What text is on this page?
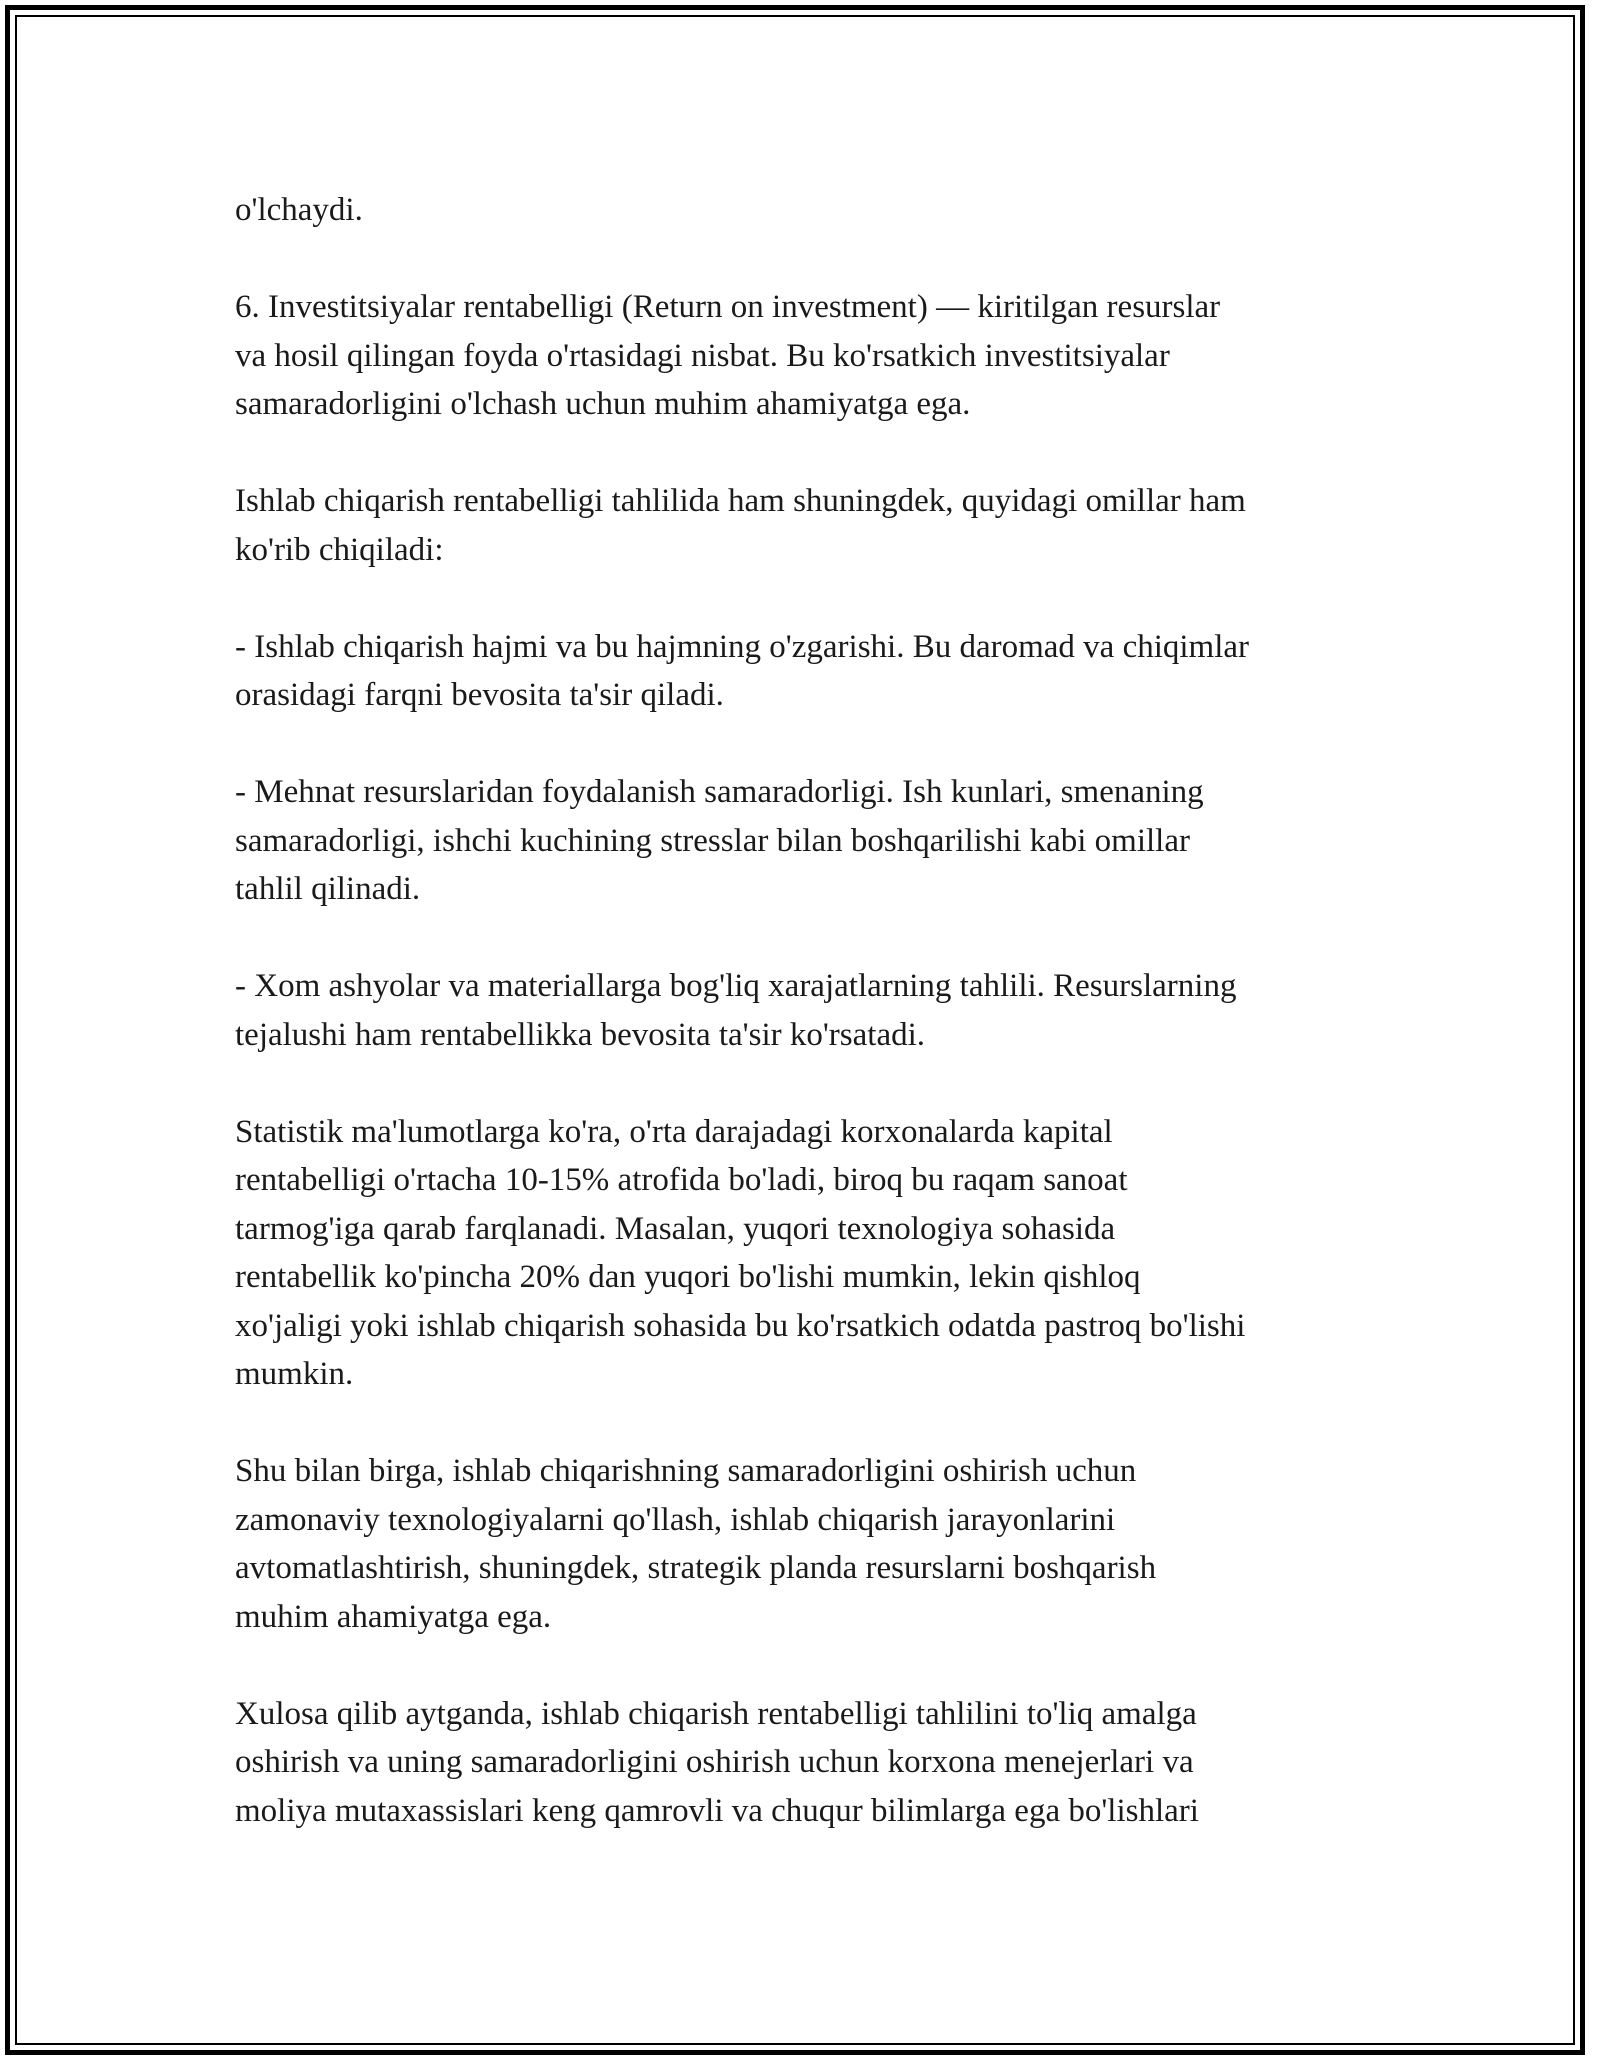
o'lchaydi.

6. Investitsiyalar rentabelligi (Return on investment) — kiritilgan resurslar
va hosil qilingan foyda o'rtasidagi nisbat. Bu ko'rsatkich investitsiyalar
samaradorligini o'lchash uchun muhim ahamiyatga ega.

Ishlab chiqarish rentabelligi tahlilida ham shuningdek, quyidagi omillar ham
ko'rib chiqiladi:

- Ishlab chiqarish hajmi va bu hajmning o'zgarishi. Bu daromad va chiqimlar
orasidagi farqni bevosita ta'sir qiladi.

- Mehnat resurslaridan foydalanish samaradorligi. Ish kunlari, smenaning
samaradorligi, ishchi kuchining stresslar bilan boshqarilishi kabi omillar
tahlil qilinadi.

- Xom ashyolar va materiallarga bog'liq xarajatlarning tahlili. Resurslarning
tejalushi ham rentabellikka bevosita ta'sir ko'rsatadi.

Statistik ma'lumotlarga ko'ra, o'rta darajadagi korxonalarda kapital
rentabelligi o'rtacha 10-15% atrofida bo'ladi, biroq bu raqam sanoat
tarmog'iga qarab farqlanadi. Masalan, yuqori texnologiya sohasida
rentabellik ko'pincha 20% dan yuqori bo'lishi mumkin, lekin qishloq
xo'jaligi yoki ishlab chiqarish sohasida bu ko'rsatkich odatda pastroq bo'lishi
mumkin.

Shu bilan birga, ishlab chiqarishning samaradorligini oshirish uchun
zamonaviy texnologiyalarni qo'llash, ishlab chiqarish jarayonlarini
avtomatlashtirish, shuningdek, strategik planda resurslarni boshqarish
muhim ahamiyatga ega.

Xulosa qilib aytganda, ishlab chiqarish rentabelligi tahlilini to'liq amalga
oshirish va uning samaradorligini oshirish uchun korxona menejerlari va
moliya mutaxassislari keng qamrovli va chuqur bilimlarga ega bo'lishlari
